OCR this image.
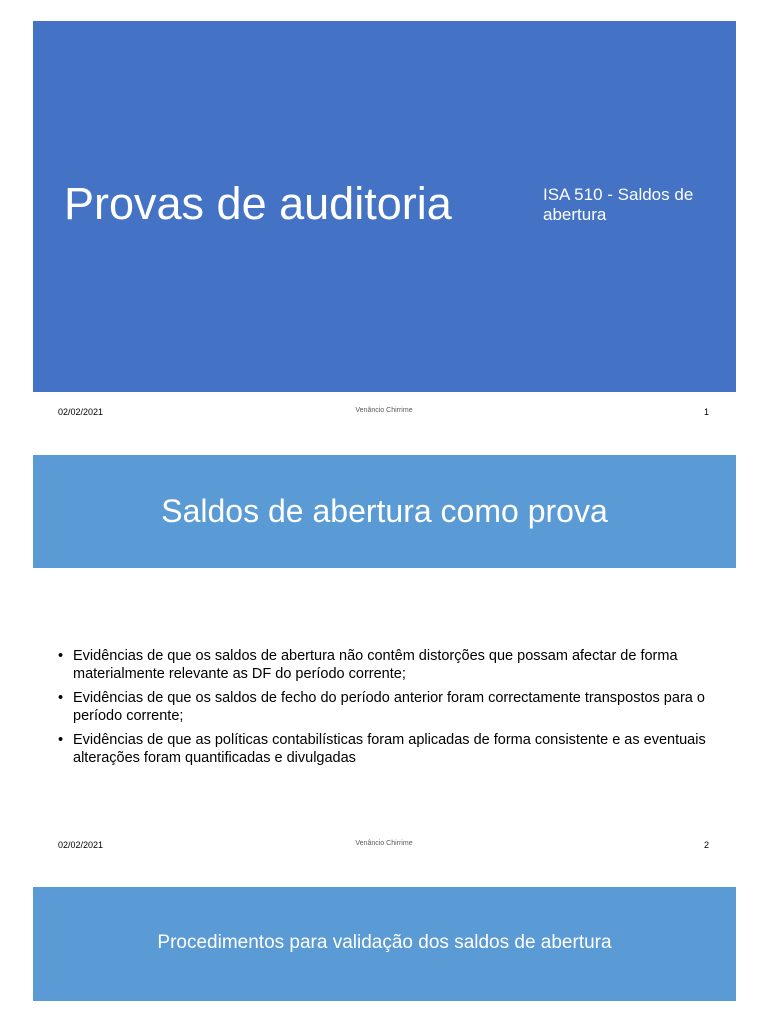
Provas de auditoria	ISA 510 - Saldos de abertura

02/02/2021	Venâncio Chirrime	1
Saldos de abertura como prova
• Evidências de que os saldos de abertura não contêm distorções que possam afectar de forma materialmente relevante as DF do período corrente;
• Evidências de que os saldos de fecho do período anterior foram correctamente transpostos para o período corrente;
• Evidências de que as políticas contabilísticas foram aplicadas de forma consistente e as eventuais alterações foram quantificadas e divulgadas
02/02/2021	Venâncio Chirrime	2
Procedimentos para validação dos saldos de abertura
